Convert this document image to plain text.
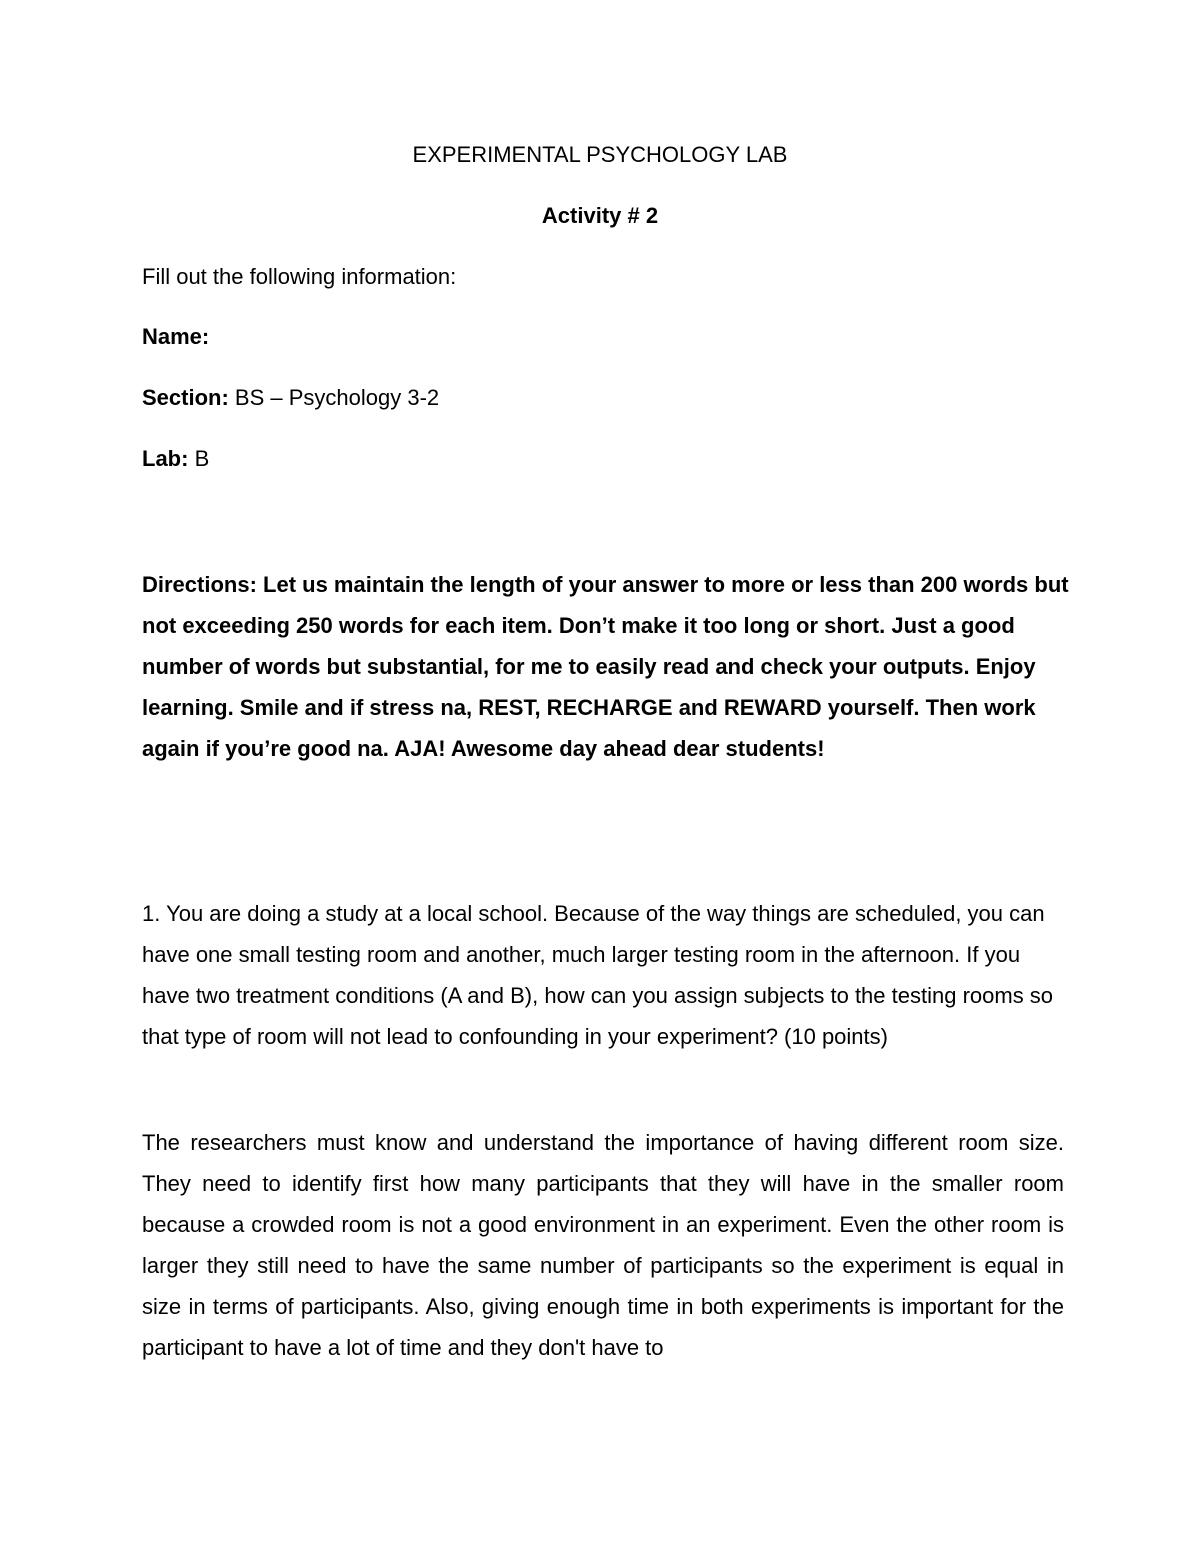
EXPERIMENTAL PSYCHOLOGY LAB

Activity # 2

Fill out the following information:

Name:

Section: BS – Psychology 3-2

Lab: B

Directions: Let us maintain the length of your answer to more or less than 200 words but not exceeding 250 words for each item. Don’t make it too long or short. Just a good number of words but substantial, for me to easily read and check your outputs. Enjoy learning. Smile and if stress na, REST, RECHARGE and REWARD yourself. Then work again if you’re good na. AJA! Awesome day ahead dear students!

1. You are doing a study at a local school. Because of the way things are scheduled, you can have one small testing room and another, much larger testing room in the afternoon. If you have two treatment conditions (A and B), how can you assign subjects to the testing rooms so that type of room will not lead to confounding in your experiment? (10 points)

The researchers must know and understand the importance of having different room size. They need to identify first how many participants that they will have in the smaller room because a crowded room is not a good environment in an experiment. Even the other room is larger they still need to have the same number of participants so the experiment is equal in size in terms of participants. Also, giving enough time in both experiments is important for the participant to have a lot of time and they don't have to
